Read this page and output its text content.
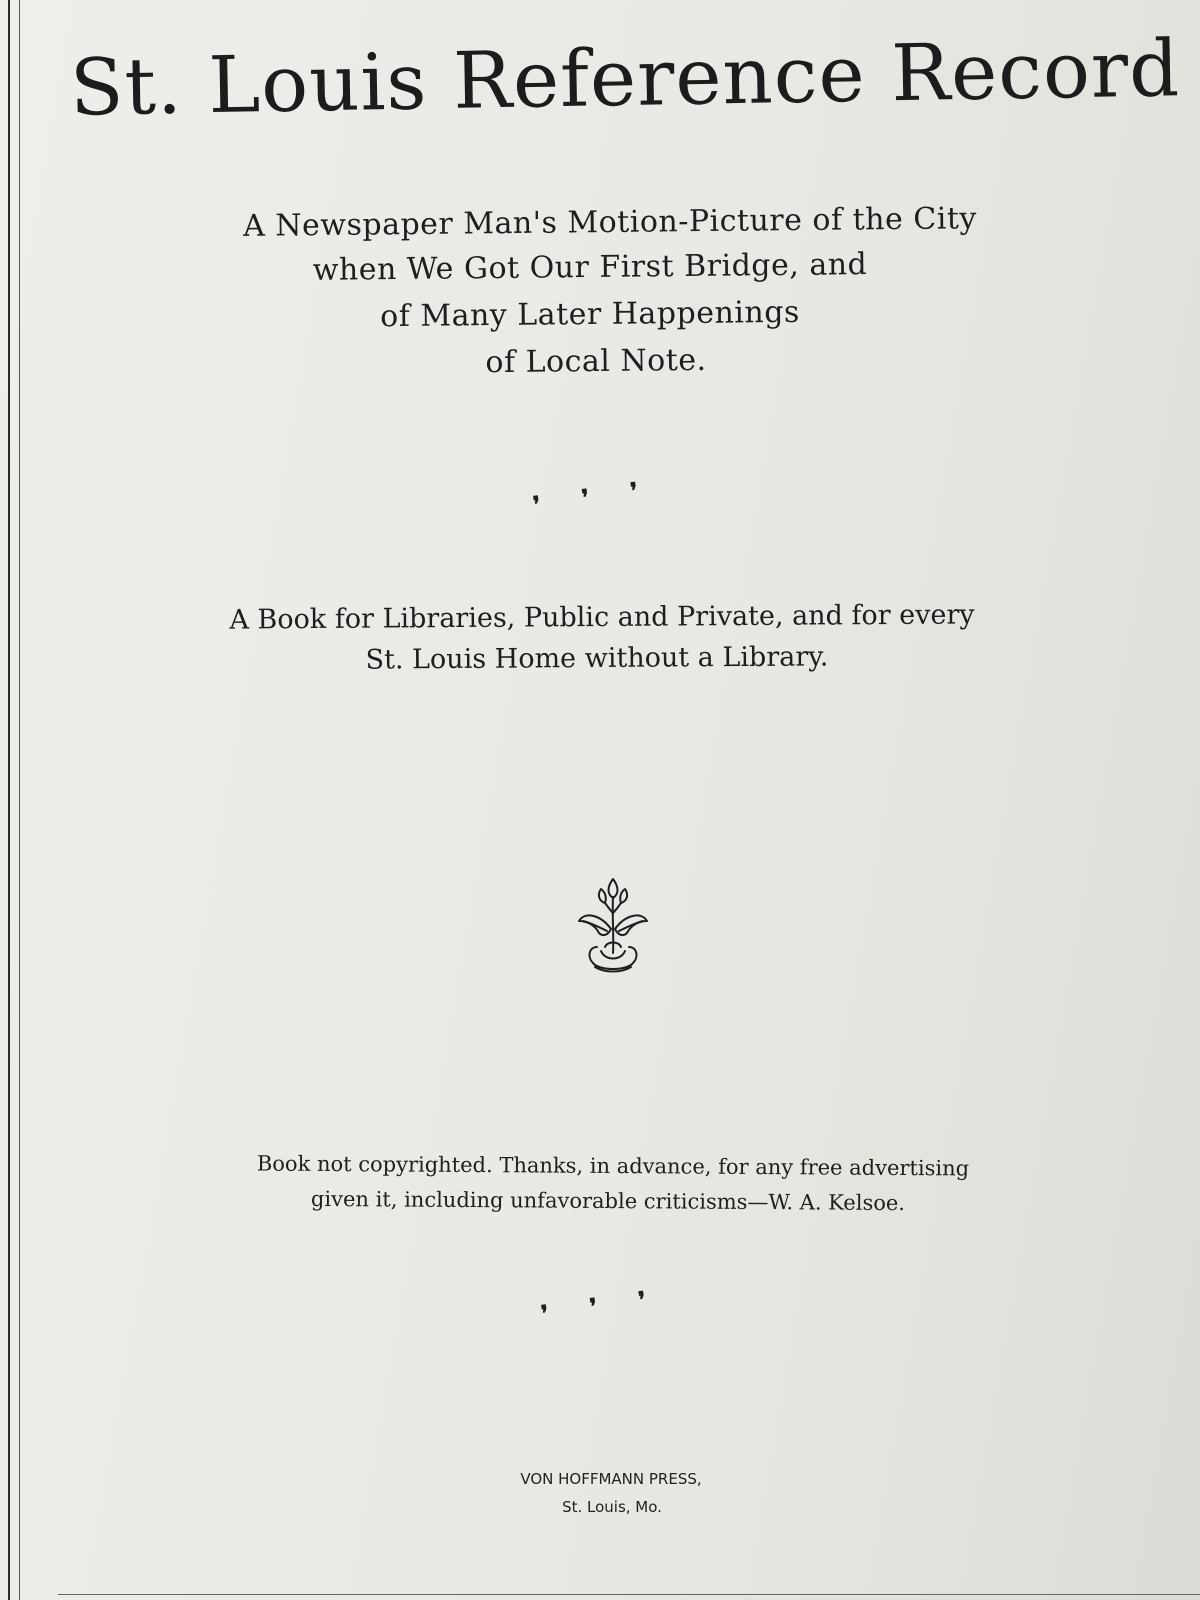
St. Louis Reference Record
A Newspaper Man's Motion-Picture of the City
when We Got Our First Bridge, and
of Many Later Happenings
of Local Note.
❜ ❜ ❜
A Book for Libraries, Public and Private, and for every
St. Louis Home without a Library.
Book not copyrighted. Thanks, in advance, for any free advertising
given it, including unfavorable criticisms—W. A. Kelsoe.
❜ ❜ ❜
VON HOFFMANN PRESS,
St. Louis, Mo.
